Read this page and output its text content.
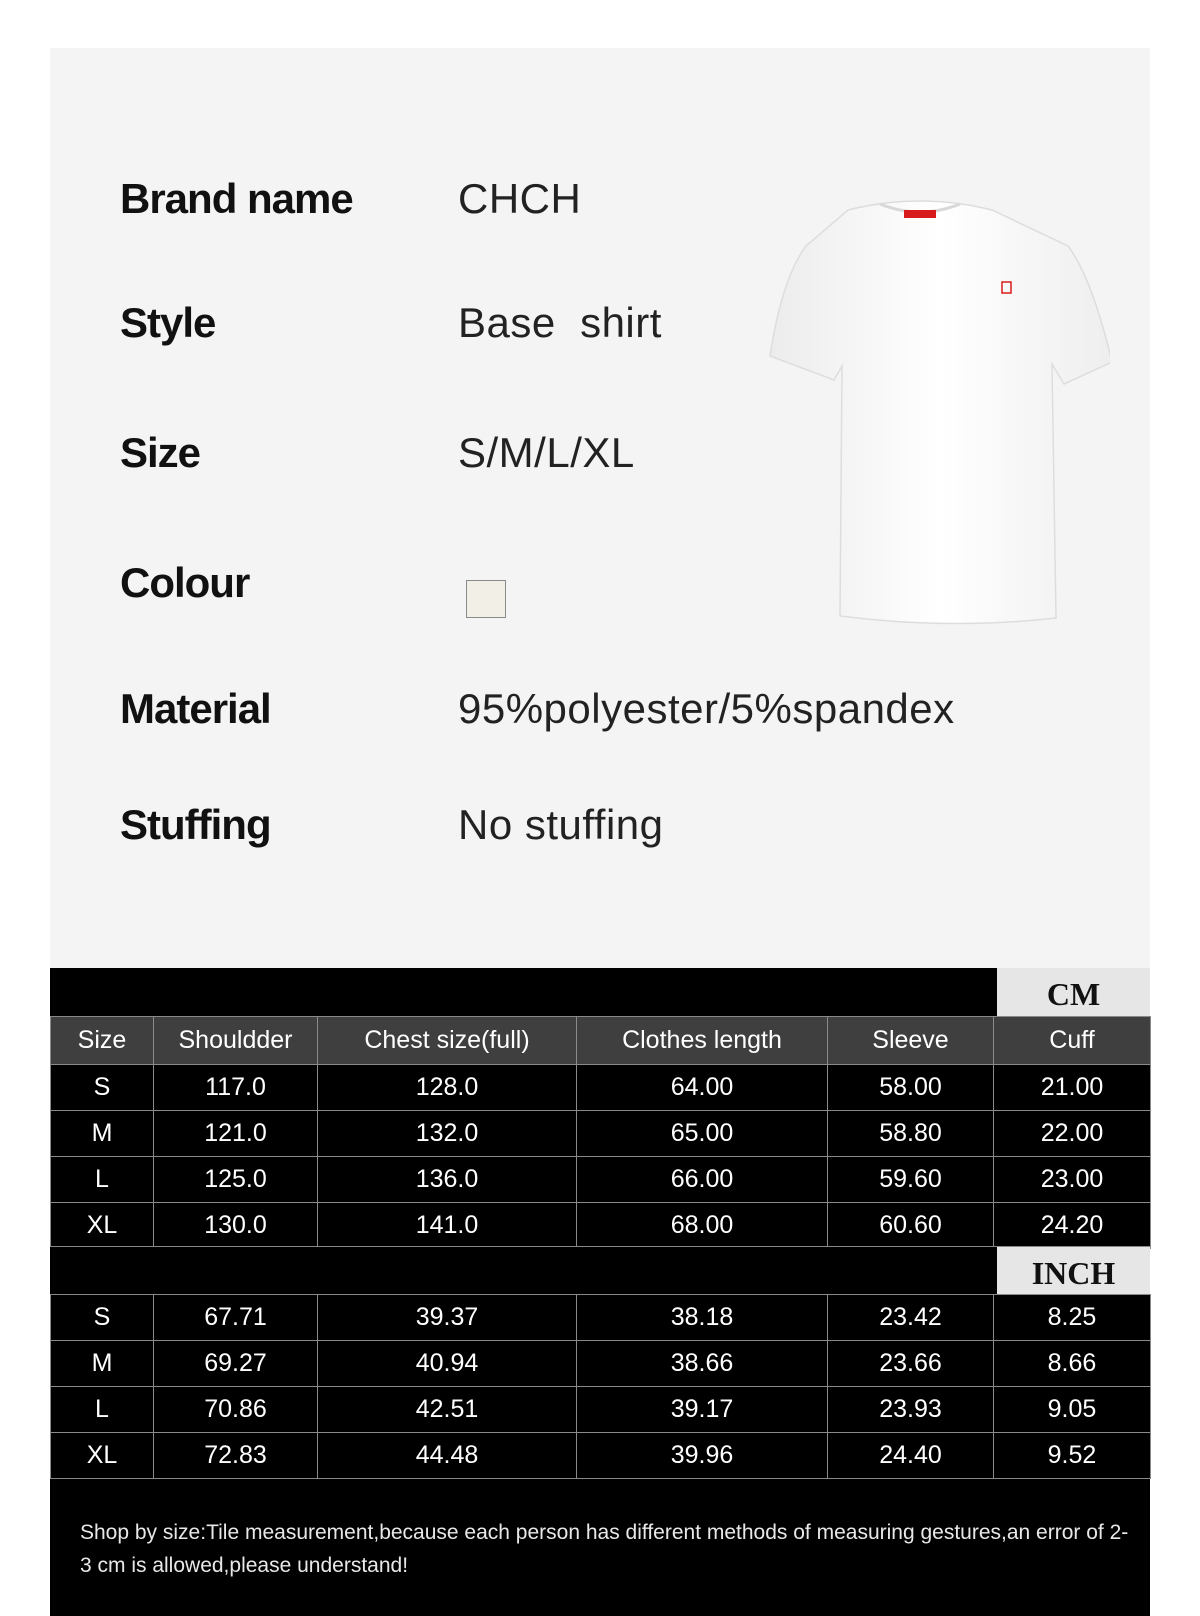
Brand name	CHCH
Style	Base  shirt
Size	S/M/L/XL
Colour
Material	95%polyester/5%spandex
Stuffing	No stuffing
CM
Size	Shouldder	Chest size(full)	Clothes length	Sleeve	Cuff
S	117.0	128.0	64.00	58.00	21.00
M	121.0	132.0	65.00	58.80	22.00
L	125.0	136.0	66.00	59.60	23.00
XL	130.0	141.0	68.00	60.60	24.20
INCH
S	67.71	39.37	38.18	23.42	8.25
M	69.27	40.94	38.66	23.66	8.66
L	70.86	42.51	39.17	23.93	9.05
XL	72.83	44.48	39.96	24.40	9.52
Shop by size:Tile measurement,because each person has different methods of measuring gestures,an error of 2-3 cm is allowed,please understand!
